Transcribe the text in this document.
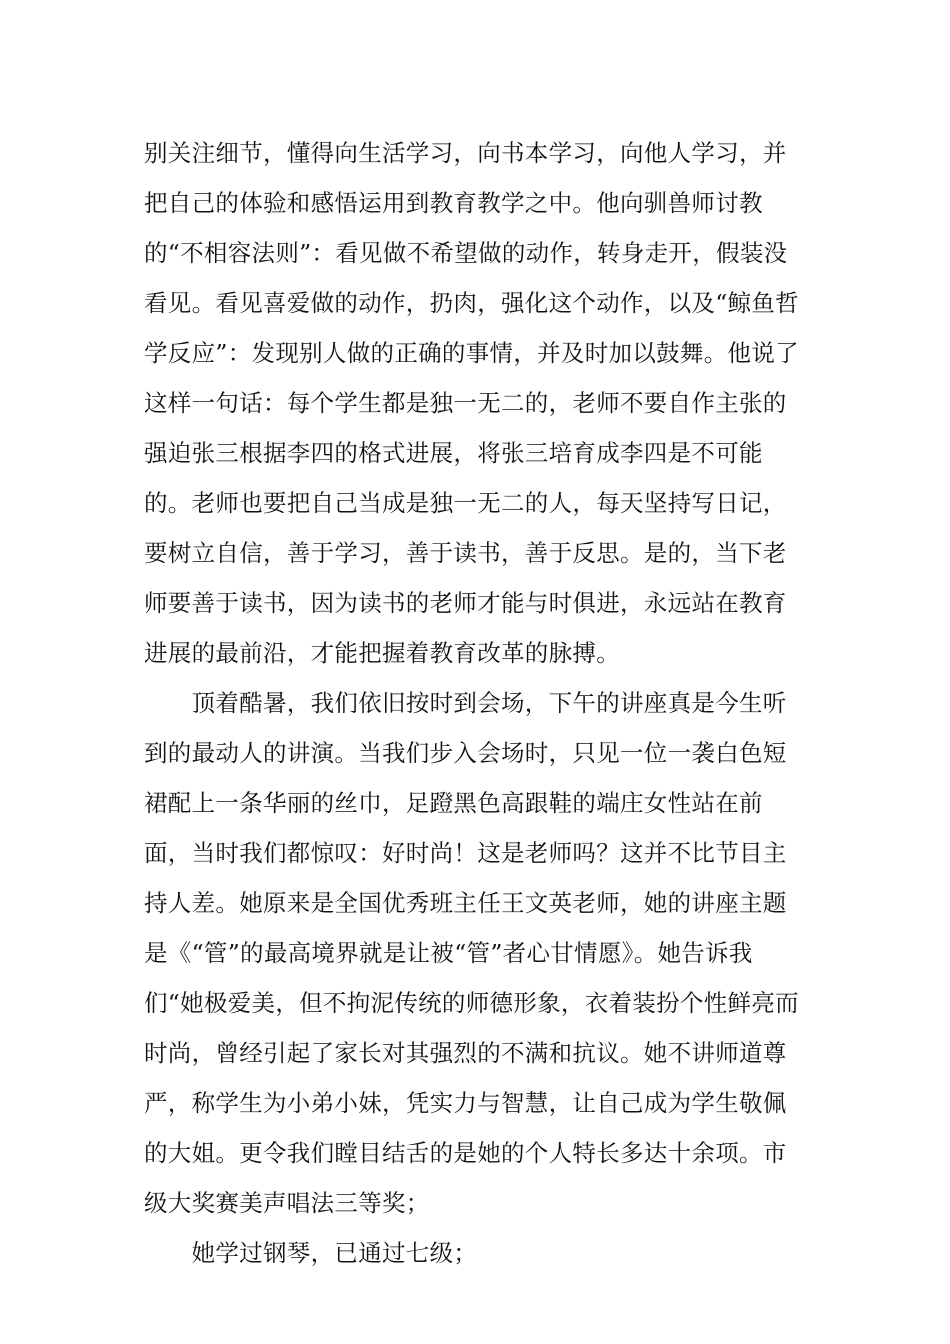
别关注细节，懂得向生活学习，向书本学习，向他人学习，并把自己的体验和感悟运用到教育教学之中。他向驯兽师讨教的“不相容法则”：看见做不希望做的动作，转身走开，假装没看见。看见喜爱做的动作，扔肉，强化这个动作，以及“鲸鱼哲学反应”：发现别人做的正确的事情，并及时加以鼓舞。他说了这样一句话：每个学生都是独一无二的，老师不要自作主张的强迫张三根据李四的格式进展，将张三培育成李四是不可能的。老师也要把自己当成是独一无二的人，每天坚持写日记，要树立自信，善于学习，善于读书，善于反思。是的，当下老师要善于读书，因为读书的老师才能与时俱进，永远站在教育进展的最前沿，才能把握着教育改革的脉搏。

　　顶着酷暑，我们依旧按时到会场，下午的讲座真是今生听到的最动人的讲演。当我们步入会场时，只见一位一袭白色短裙配上一条华丽的丝巾，足蹬黑色高跟鞋的端庄女性站在前面，当时我们都惊叹：好时尚！这是老师吗？这并不比节目主持人差。她原来是全国优秀班主任王文英老师，她的讲座主题是《“管”的最高境界就是让被“管”者心甘情愿》。她告诉我们“她极爱美，但不拘泥传统的师德形象，衣着装扮个性鲜亮而时尚，曾经引起了家长对其强烈的不满和抗议。她不讲师道尊严，称学生为小弟小妹，凭实力与智慧，让自己成为学生敬佩的大姐。更令我们瞠目结舌的是她的个人特长多达十余项。市级大奖赛美声唱法三等奖；

　　她学过钢琴，已通过七级；
